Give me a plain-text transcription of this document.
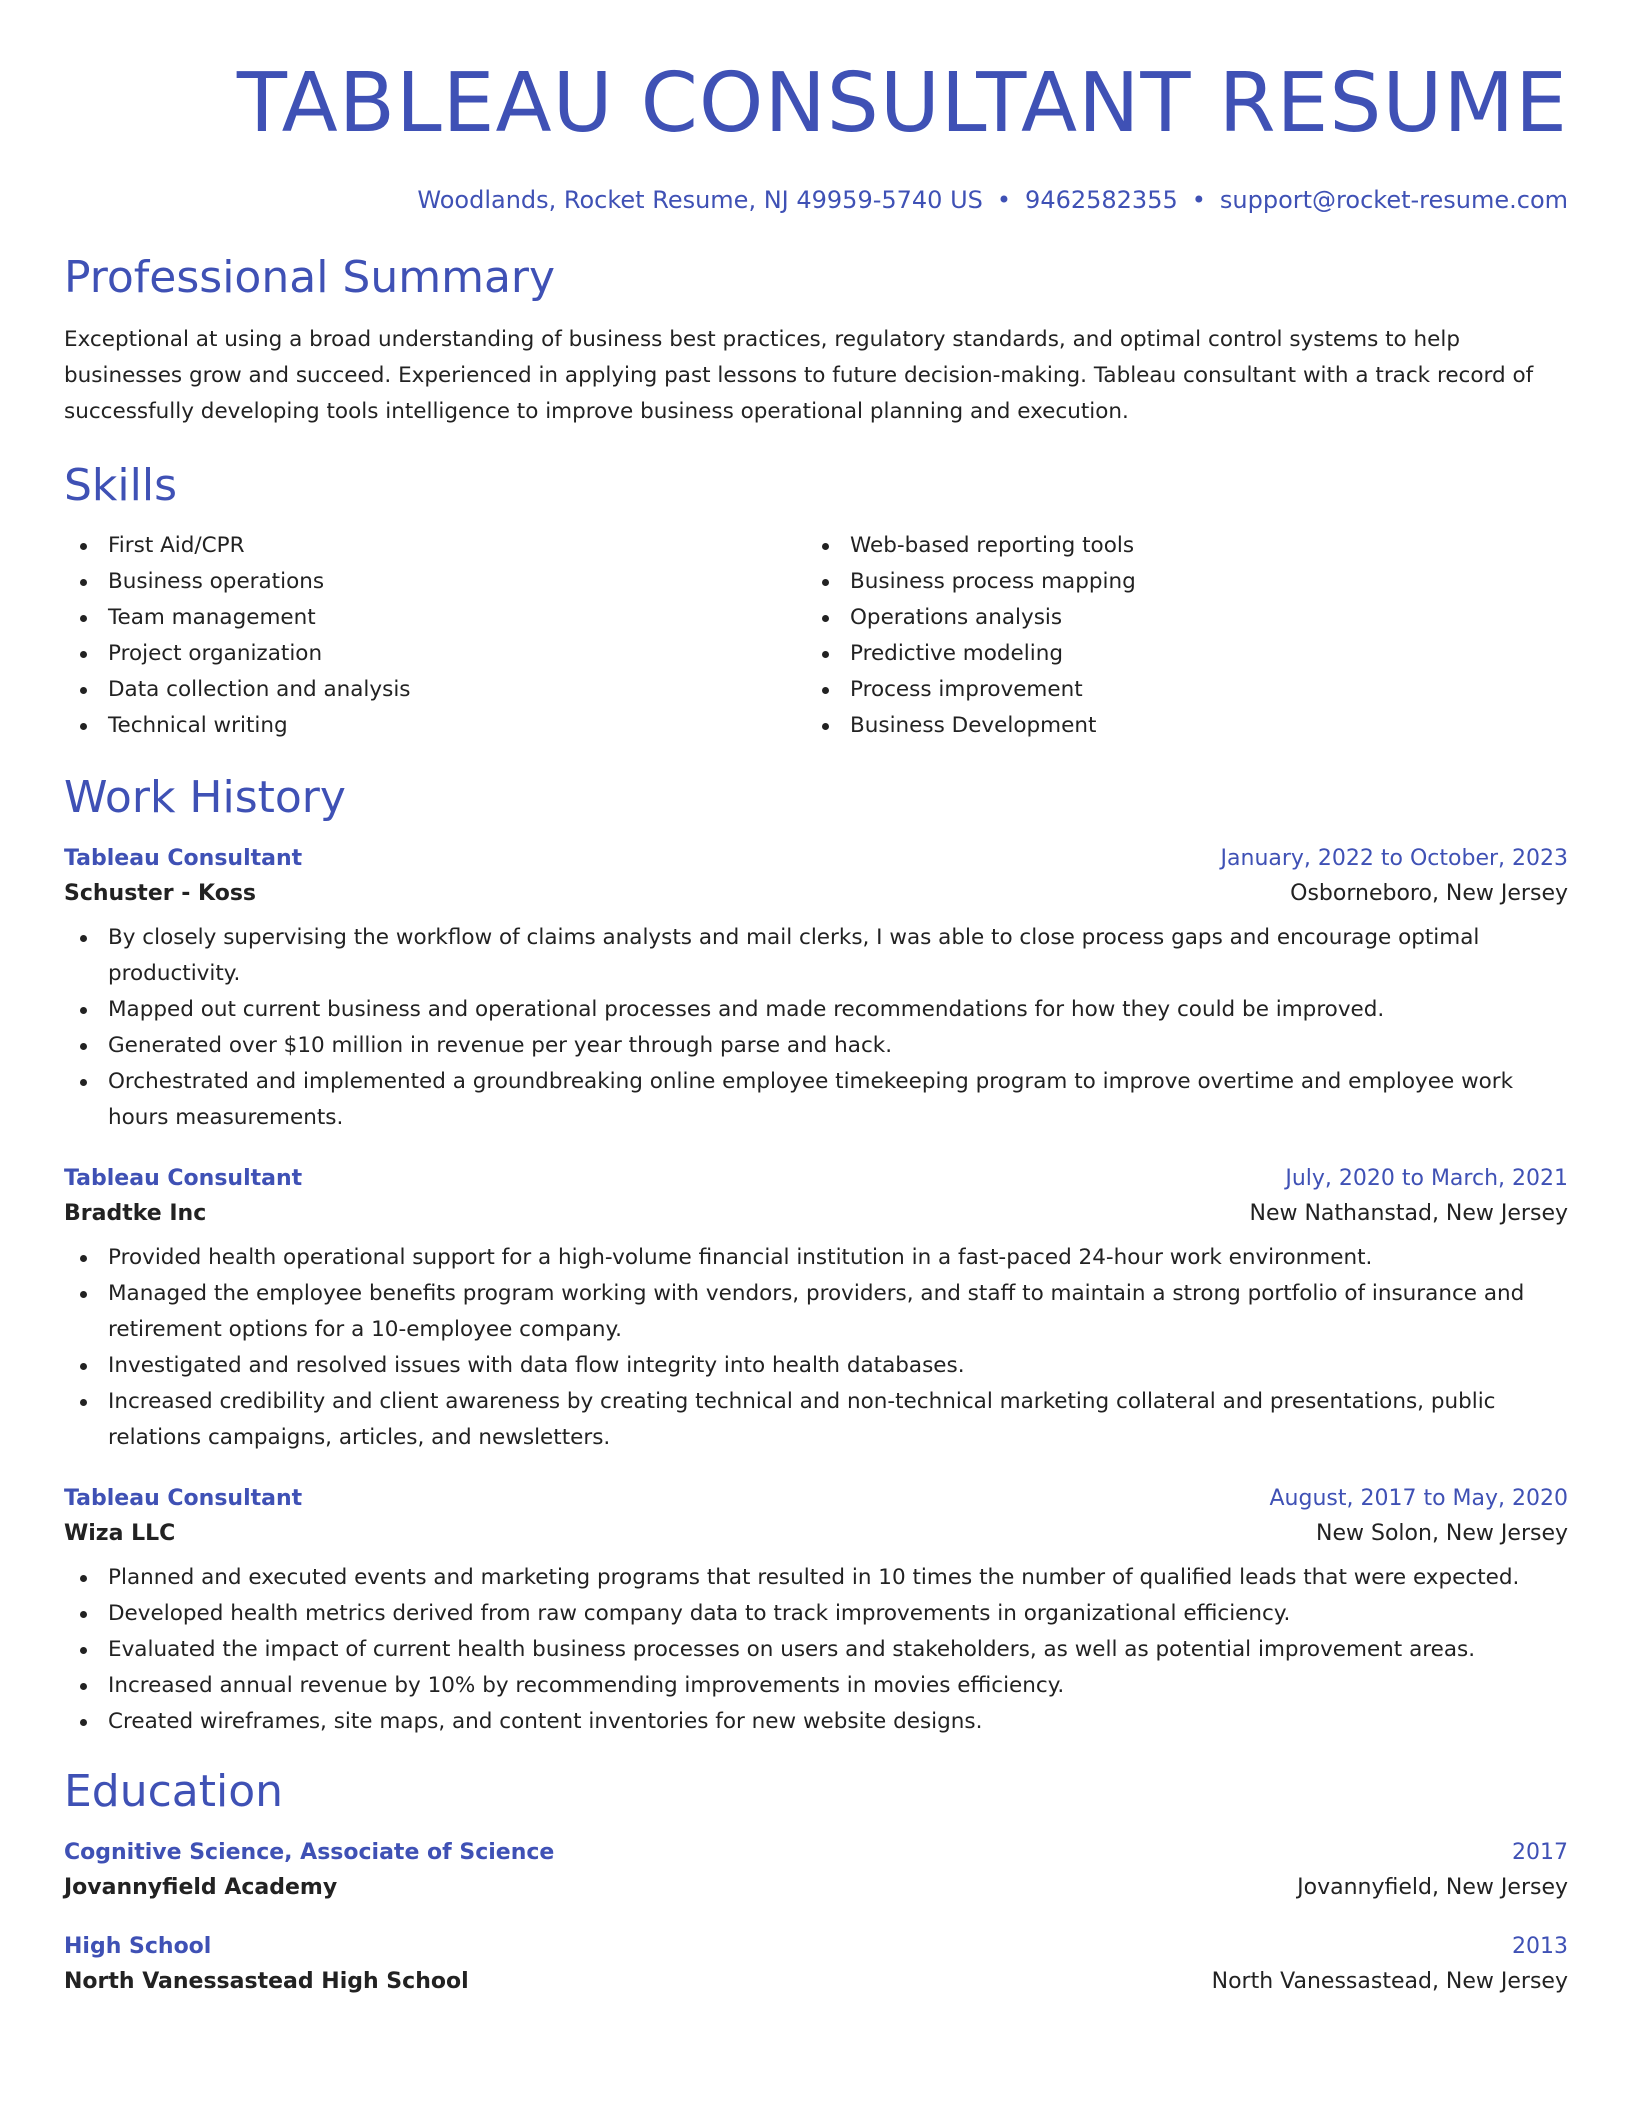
TABLEAU CONSULTANT RESUME
Woodlands, Rocket Resume, NJ 49959-5740 US • 9462582355 • support@rocket-resume.com
Professional Summary

Exceptional at using a broad understanding of business best practices, regulatory standards, and optimal control systems to help businesses grow and succeed. Experienced in applying past lessons to future decision-making. Tableau consultant with a track record of successfully developing tools intelligence to improve business operational planning and execution.

Skills
First Aid/CPR
Business operations
Team management
Project organization
Data collection and analysis
Technical writing
Web-based reporting tools
Business process mapping
Operations analysis
Predictive modeling
Process improvement
Business Development
Work History
Tableau Consultant	January, 2022 to October, 2023
Schuster - Koss	Osborneboro, New Jersey
By closely supervising the workflow of claims analysts and mail clerks, I was able to close process gaps and encourage optimal productivity.
Mapped out current business and operational processes and made recommendations for how they could be improved.
Generated over $10 million in revenue per year through parse and hack.
Orchestrated and implemented a groundbreaking online employee timekeeping program to improve overtime and employee work hours measurements.
Tableau Consultant	July, 2020 to March, 2021
Bradtke Inc	New Nathanstad, New Jersey
Provided health operational support for a high-volume financial institution in a fast-paced 24-hour work environment.
Managed the employee benefits program working with vendors, providers, and staff to maintain a strong portfolio of insurance and retirement options for a 10-employee company.
Investigated and resolved issues with data flow integrity into health databases.
Increased credibility and client awareness by creating technical and non-technical marketing collateral and presentations, public relations campaigns, articles, and newsletters.
Tableau Consultant	August, 2017 to May, 2020
Wiza LLC	New Solon, New Jersey
Planned and executed events and marketing programs that resulted in 10 times the number of qualified leads that were expected.
Developed health metrics derived from raw company data to track improvements in organizational efficiency.
Evaluated the impact of current health business processes on users and stakeholders, as well as potential improvement areas.
Increased annual revenue by 10% by recommending improvements in movies efficiency.
Created wireframes, site maps, and content inventories for new website designs.
Education
Cognitive Science, Associate of Science	2017
Jovannyfield Academy	Jovannyfield, New Jersey
High School	2013
North Vanessastead High School	North Vanessastead, New Jersey
